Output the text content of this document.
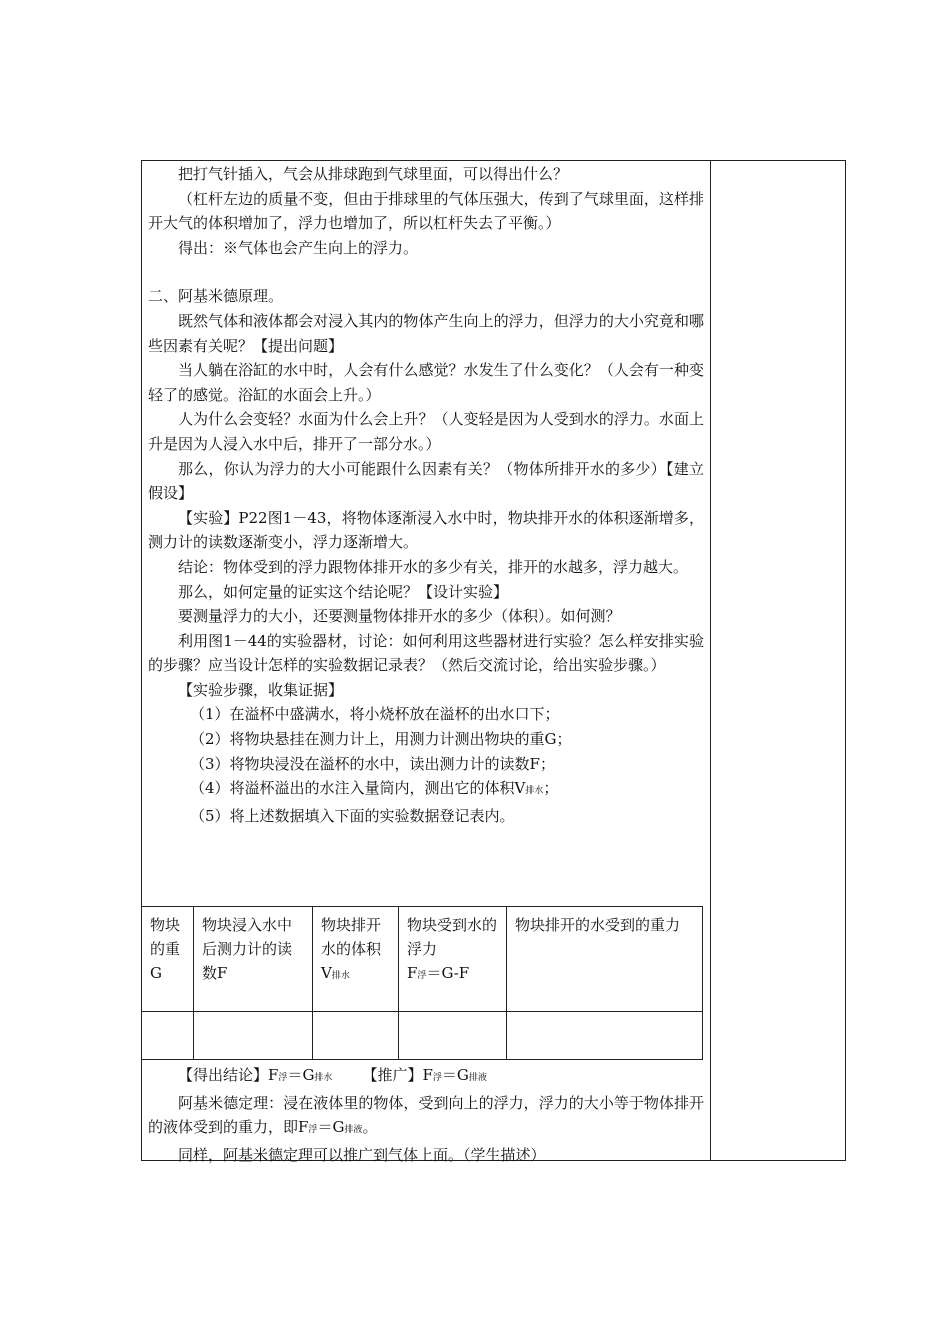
把打气针插入，气会从排球跑到气球里面，可以得出什么？

（杠杆左边的质量不变，但由于排球里的气体压强大，传到了气球里面，这样排开大气的体积增加了，浮力也增加了，所以杠杆失去了平衡。）

得出：※气体也会产生向上的浮力。

二、阿基米德原理。

既然气体和液体都会对浸入其内的物体产生向上的浮力，但浮力的大小究竟和哪些因素有关呢？【提出问题】

当人躺在浴缸的水中时，人会有什么感觉？水发生了什么变化？（人会有一种变轻了的感觉。浴缸的水面会上升。）

人为什么会变轻？水面为什么会上升？（人变轻是因为人受到水的浮力。水面上升是因为人浸入水中后，排开了一部分水。）

那么，你认为浮力的大小可能跟什么因素有关？（物体所排开水的多少）【建立假设】

【实验】P22图1－43，将物体逐渐浸入水中时，物块排开水的体积逐渐增多，测力计的读数逐渐变小，浮力逐渐增大。

结论：物体受到的浮力跟物体排开水的多少有关，排开的水越多，浮力越大。

那么，如何定量的证实这个结论呢？【设计实验】

要测量浮力的大小，还要测量物体排开水的多少（体积）。如何测？

利用图1－44的实验器材，讨论：如何利用这些器材进行实验？怎么样安排实验的步骤？应当设计怎样的实验数据记录表？（然后交流讨论，给出实验步骤。）

【实验步骤，收集证据】

（1）在溢杯中盛满水，将小烧杯放在溢杯的出水口下；

（2）将物块悬挂在测力计上，用测力计测出物块的重G；

（3）将物块浸没在溢杯的水中，读出测力计的读数F；

（4）将溢杯溢出的水注入量筒内，测出它的体积V排水；

（5）将上述数据填入下面的实验数据登记表内。

物块的重G	物块浸入水中后测力计的读数F	物块排开水的体积V排水	物块受到水的浮力
F浮＝G-F	物块排开的水受到的重力

【得出结论】F浮＝G排水   【推广】F浮＝G排液

阿基米德定理：浸在液体里的物体，受到向上的浮力，浮力的大小等于物体排开的液体受到的重力，即F浮＝G排液。

同样，阿基米德定理可以推广到气体上面。（学生描述）
